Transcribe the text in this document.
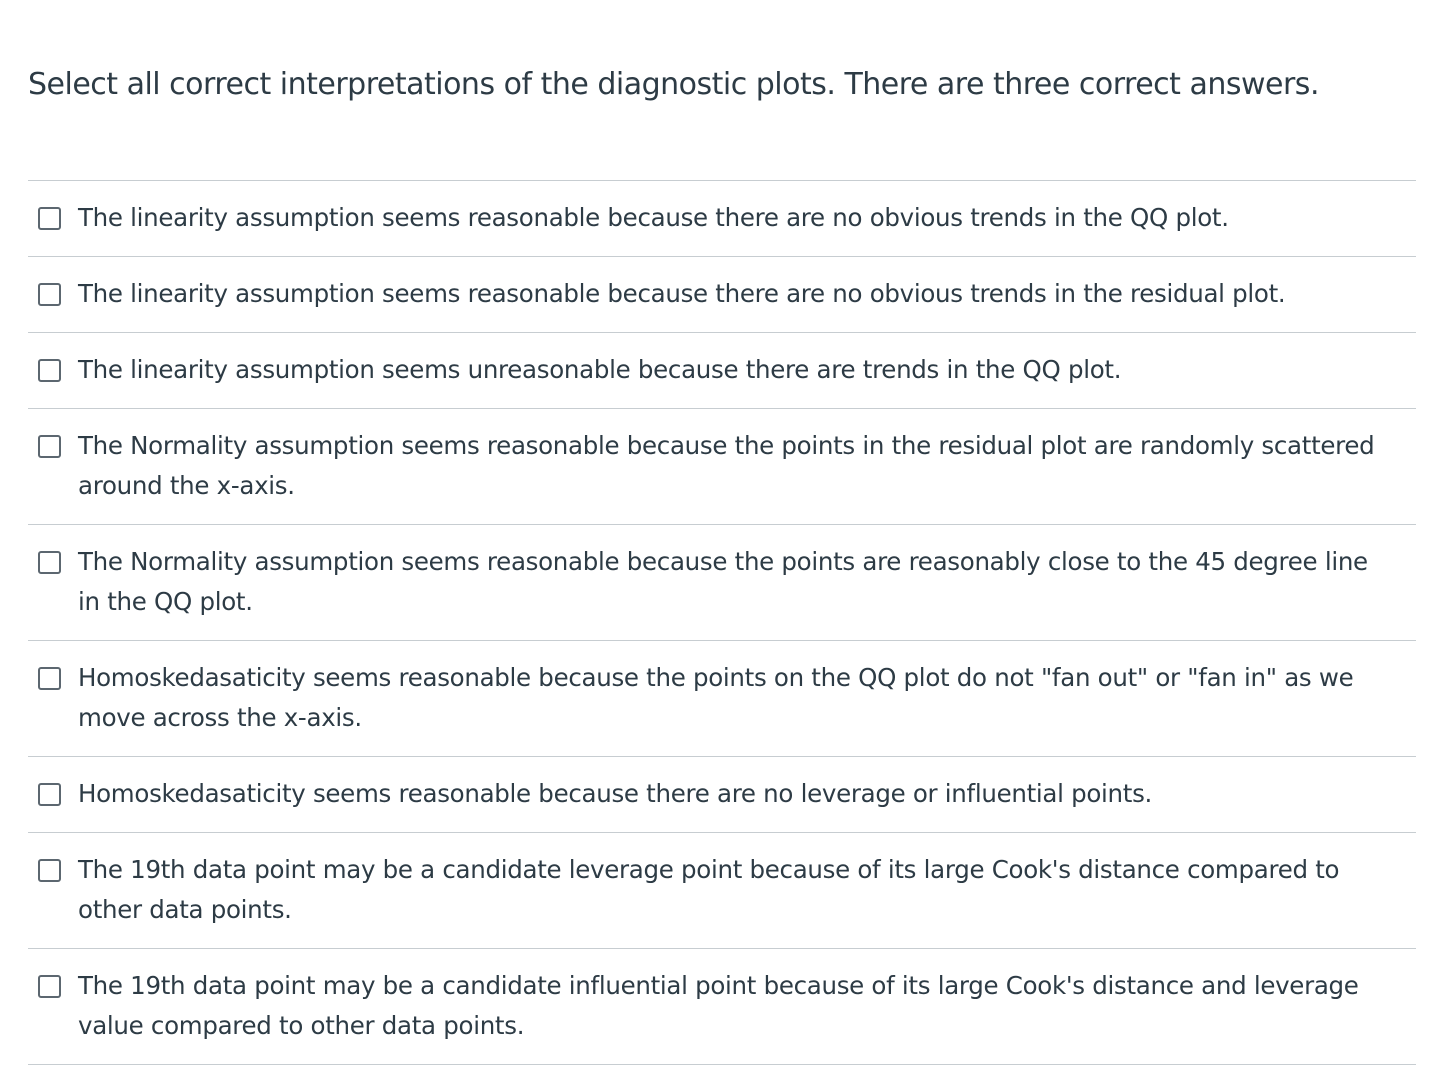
Select all correct interpretations of the diagnostic plots. There are three correct answers.

The linearity assumption seems reasonable because there are no obvious trends in the QQ plot.
The linearity assumption seems reasonable because there are no obvious trends in the residual plot.
The linearity assumption seems unreasonable because there are trends in the QQ plot.
The Normality assumption seems reasonable because the points in the residual plot are randomly scattered around the x-axis.
The Normality assumption seems reasonable because the points are reasonably close to the 45 degree line in the QQ plot.
Homoskedasaticity seems reasonable because the points on the QQ plot do not "fan out" or "fan in" as we move across the x-axis.
Homoskedasaticity seems reasonable because there are no leverage or influential points.
The 19th data point may be a candidate leverage point because of its large Cook's distance compared to other data points.
The 19th data point may be a candidate influential point because of its large Cook's distance and leverage value compared to other data points.
